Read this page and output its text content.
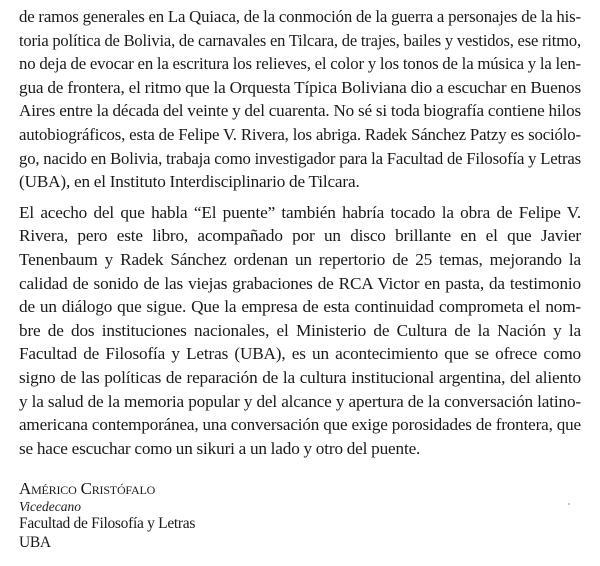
de ramos generales en La Quiaca, de la conmoción de la guerra a personajes de la his-
toria política de Bolivia, de carnavales en Tilcara, de trajes, bailes y vestidos, ese ritmo,
no deja de evocar en la escritura los relieves, el color y los tonos de la música y la len-
gua de frontera, el ritmo que la Orquesta Típica Boliviana dio a escuchar en Buenos
Aires entre la década del veinte y del cuarenta. No sé si toda biografía contiene hilos
autobiográficos, esta de Felipe V. Rivera, los abriga. Radek Sánchez Patzy es sociólo-
go, nacido en Bolivia, trabaja como investigador para la Facultad de Filosofía y Letras
(UBA), en el Instituto Interdisciplinario de Tilcara.

El acecho del que habla “El puente” también habría tocado la obra de Felipe V.
Rivera, pero este libro, acompañado por un disco brillante en el que Javier
Tenenbaum y Radek Sánchez ordenan un repertorio de 25 temas, mejorando la
calidad de sonido de las viejas grabaciones de RCA Victor en pasta, da testimonio
de un diálogo que sigue. Que la empresa de esta continuidad comprometa el nom-
bre de dos instituciones nacionales, el Ministerio de Cultura de la Nación y la
Facultad de Filosofía y Letras (UBA), es un acontecimiento que se ofrece como
signo de las políticas de reparación de la cultura institucional argentina, del aliento
y la salud de la memoria popular y del alcance y apertura de la conversación latino-
americana contemporánea, una conversación que exige porosidades de frontera, que
se hace escuchar como un sikuri a un lado y otro del puente.

Américo Cristófalo
Vicedecano
Facultad de Filosofía y Letras
UBA
